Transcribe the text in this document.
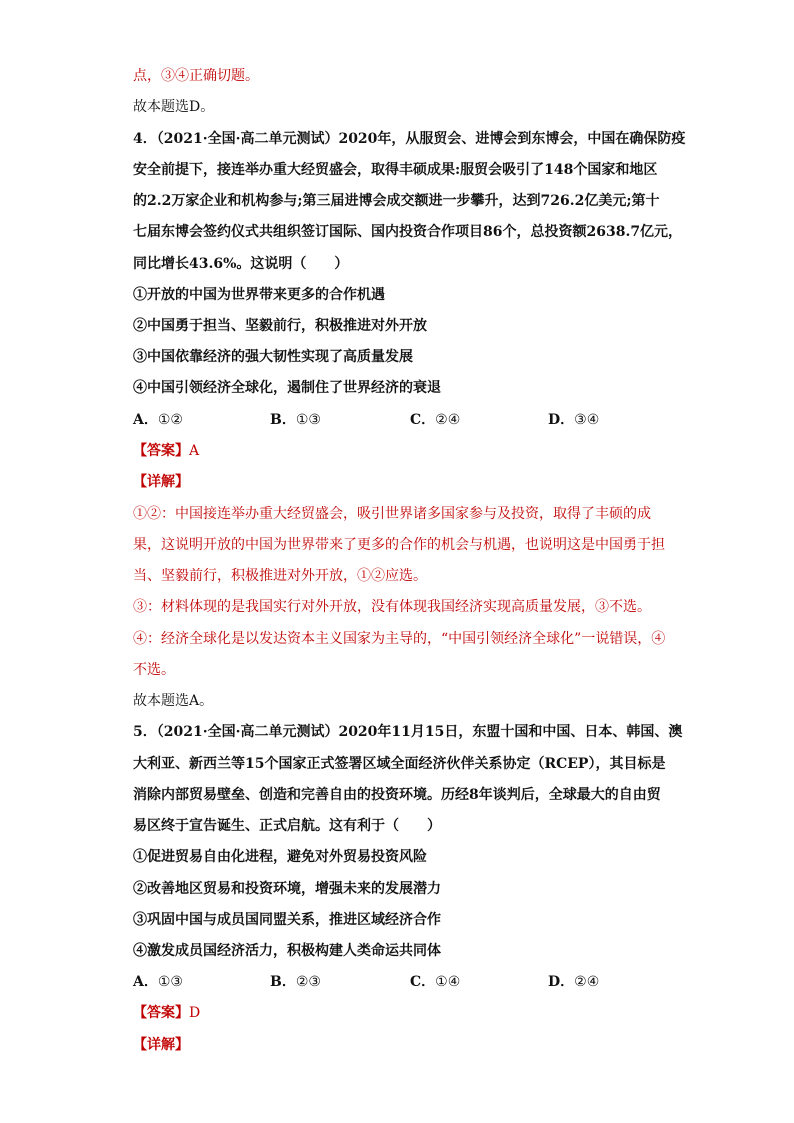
点，③④正确切题。
故本题选D。
4．（2021·全国·高二单元测试）2020年，从服贸会、进博会到东博会，中国在确保防疫
安全前提下，接连举办重大经贸盛会，取得丰硕成果:服贸会吸引了148个国家和地区
的2.2万家企业和机构参与;第三届进博会成交额进一步攀升，达到726.2亿美元;第十
七届东博会签约仪式共组织签订国际、国内投资合作项目86个，总投资额2638.7亿元，
同比增长43.6%。这说明（　　）
①开放的中国为世界带来更多的合作机遇
②中国勇于担当、坚毅前行，积极推进对外开放
③中国依靠经济的强大韧性实现了高质量发展
④中国引领经济全球化，遏制住了世界经济的衰退
A．①②	B．①③	C．②④	D．③④
【答案】A
【详解】
①②：中国接连举办重大经贸盛会，吸引世界诸多国家参与及投资，取得了丰硕的成
果，这说明开放的中国为世界带来了更多的合作的机会与机遇，也说明这是中国勇于担
当、坚毅前行，积极推进对外开放，①②应选。
③：材料体现的是我国实行对外开放，没有体现我国经济实现高质量发展，③不选。
④：经济全球化是以发达资本主义国家为主导的，“中国引领经济全球化”一说错误，④
不选。
故本题选A。
5．（2021·全国·高二单元测试）2020年11月15日，东盟十国和中国、日本、韩国、澳
大利亚、新西兰等15个国家正式签署区域全面经济伙伴关系协定（RCEP），其目标是
消除内部贸易壁垒、创造和完善自由的投资环境。历经8年谈判后，全球最大的自由贸
易区终于宣告诞生、正式启航。这有利于（　　）
①促进贸易自由化进程，避免对外贸易投资风险
②改善地区贸易和投资环境，增强未来的发展潜力
③巩固中国与成员国同盟关系，推进区域经济合作
④激发成员国经济活力，积极构建人类命运共同体
A．①③	B．②③	C．①④	D．②④
【答案】D
【详解】
